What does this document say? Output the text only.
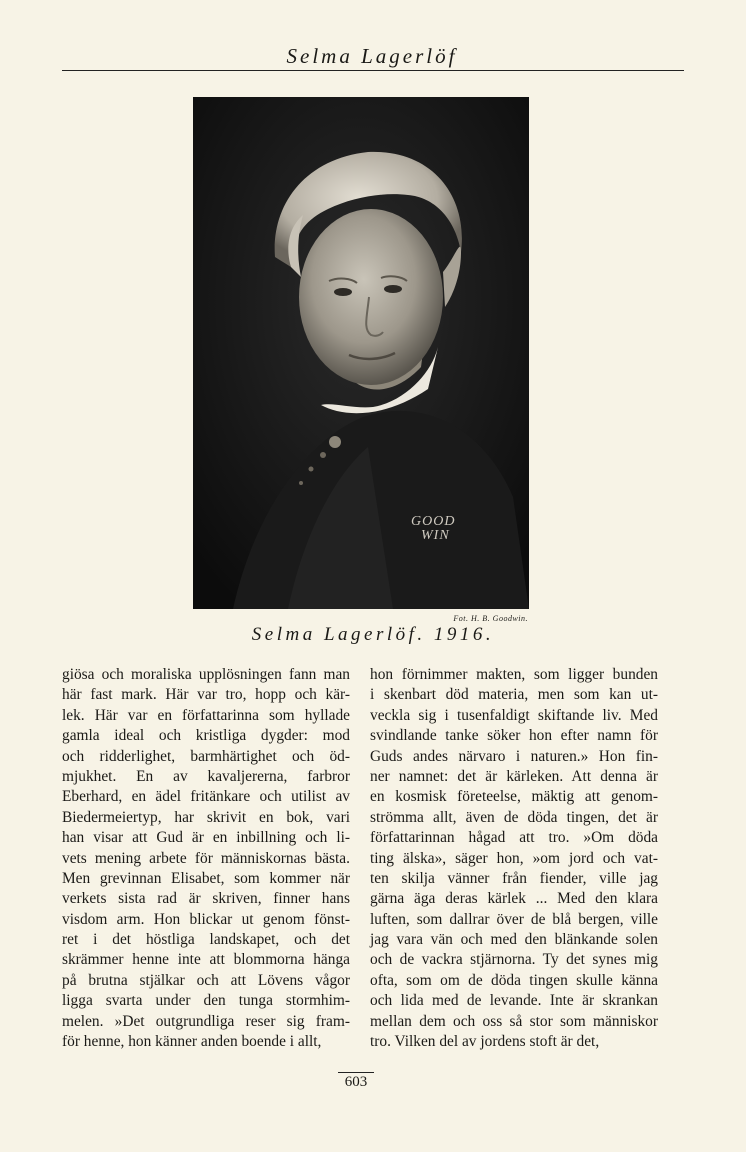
Selma Lagerlöf
GOOD
WIN
Fot. H. B. Goodwin.
Selma Lagerlöf. 1916.
giösa och moraliska upplösningen fann man
här fast mark. Här var tro, hopp och kär-
lek. Här var en författarinna som hyllade
gamla ideal och kristliga dygder: mod
och ridderlighet, barmhärtighet och öd-
mjukhet. En av kavaljererna, farbror
Eberhard, en ädel fritänkare och utilist av
Biedermeiertyp, har skrivit en bok, vari
han visar att Gud är en inbillning och li-
vets mening arbete för människornas bästa.
Men grevinnan Elisabet, som kommer när
verkets sista rad är skriven, finner hans
visdom arm. Hon blickar ut genom fönst-
ret i det höstliga landskapet, och det
skrämmer henne inte att blommorna hänga
på brutna stjälkar och att Lövens vågor
ligga svarta under den tunga stormhim-
melen. »Det outgrundliga reser sig fram-
för henne, hon känner anden boende i allt,
hon förnimmer makten, som ligger bunden
i skenbart död materia, men som kan ut-
veckla sig i tusenfaldigt skiftande liv. Med
svindlande tanke söker hon efter namn för
Guds andes närvaro i naturen.» Hon fin-
ner namnet: det är kärleken. Att denna är
en kosmisk företeelse, mäktig att genom-
strömma allt, även de döda tingen, det är
författarinnan hågad att tro. »Om döda
ting älska», säger hon, »om jord och vat-
ten skilja vänner från fiender, ville jag
gärna äga deras kärlek ... Med den klara
luften, som dallrar över de blå bergen, ville
jag vara vän och med den blänkande solen
och de vackra stjärnorna. Ty det synes mig
ofta, som om de döda tingen skulle känna
och lida med de levande. Inte är skrankan
mellan dem och oss så stor som människor
tro. Vilken del av jordens stoft är det,
603
